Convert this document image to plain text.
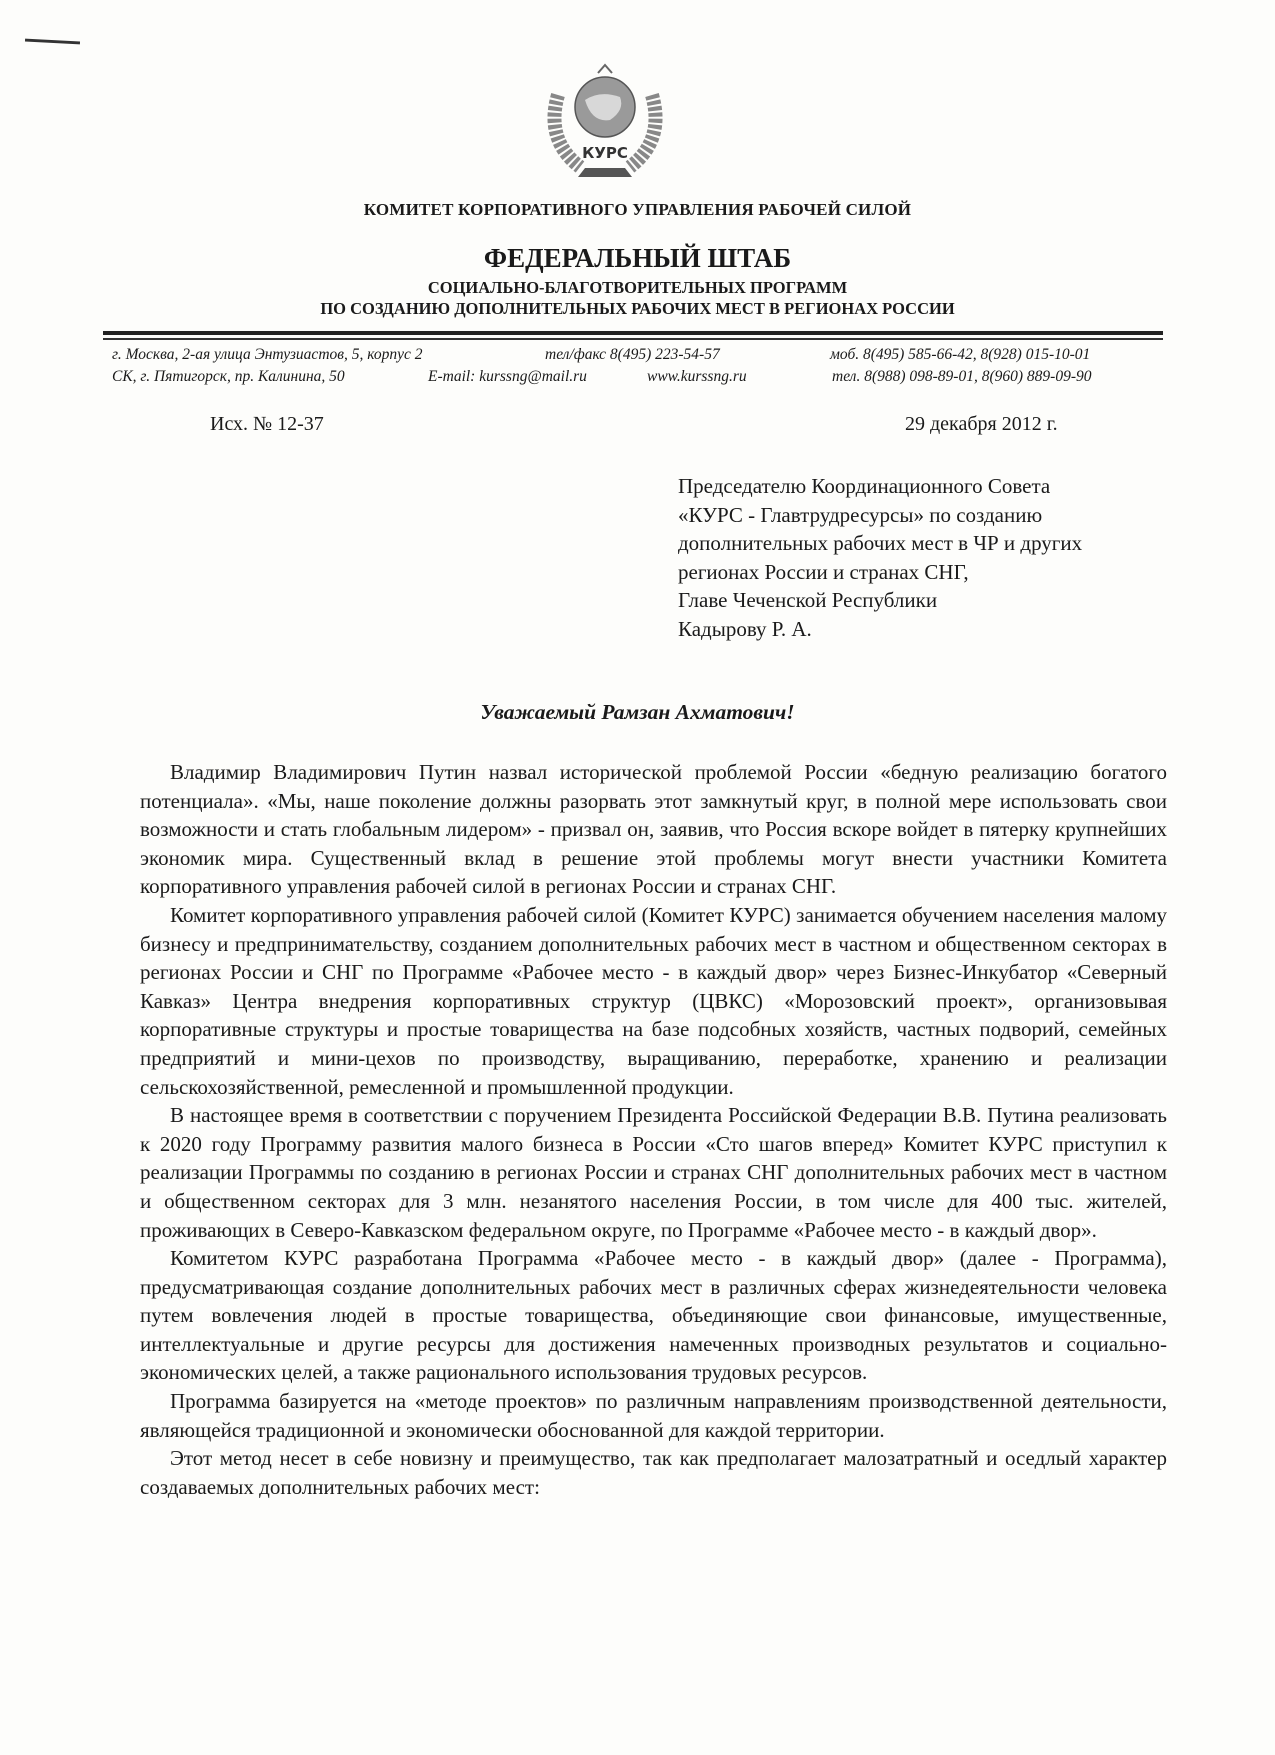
КУРС
КОМИТЕТ КОРПОРАТИВНОГО УПРАВЛЕНИЯ РАБОЧЕЙ СИЛОЙ
ФЕДЕРАЛЬНЫЙ ШТАБ
СОЦИАЛЬНО-БЛАГОТВОРИТЕЛЬНЫХ ПРОГРАММ
ПО СОЗДАНИЮ ДОПОЛНИТЕЛЬНЫХ РАБОЧИХ МЕСТ В РЕГИОНАХ РОССИИ
г. Москва, 2-ая улица Энтузиастов, 5, корпус 2	тел/факс 8(495) 223-54-57	моб. 8(495) 585-66-42, 8(928) 015-10-01
СК, г. Пятигорск, пр. Калинина, 50	E-mail: kurssng@mail.ru	www.kurssng.ru	тел. 8(988) 098-89-01, 8(960) 889-09-90
Исх. № 12-37	29 декабря 2012 г.
Председателю Координационного Совета
«КУРС - Главтрудресурсы» по созданию
дополнительных рабочих мест в ЧР и других
регионах России и странах СНГ,
Главе Чеченской Республики
Кадырову Р. А.
Уважаемый Рамзан Ахматович!

Владимир Владимирович Путин назвал исторической проблемой России «бедную реализацию богатого потенциала». «Мы, наше поколение должны разорвать этот замкнутый круг, в полной мере использовать свои возможности и стать глобальным лидером» - призвал он, заявив, что Россия вскоре войдет в пятерку крупнейших экономик мира. Существенный вклад в решение этой проблемы могут внести участники Комитета корпоративного управления рабочей силой в регионах России и странах СНГ.

Комитет корпоративного управления рабочей силой (Комитет КУРС) занимается обучением населения малому бизнесу и предпринимательству, созданием дополнительных рабочих мест в частном и общественном секторах в регионах России и СНГ по Программе «Рабочее место - в каждый двор» через Бизнес-Инкубатор «Северный Кавказ» Центра внедрения корпоративных структур (ЦВКС) «Морозовский проект», организовывая корпоративные структуры и простые товарищества на базе подсобных хозяйств, частных подворий, семейных предприятий и мини-цехов по производству, выращиванию, переработке, хранению и реализации сельскохозяйственной, ремесленной и промышленной продукции.

В настоящее время в соответствии с поручением Президента Российской Федерации В.В. Путина реализовать к 2020 году Программу развития малого бизнеса в России «Сто шагов вперед» Комитет КУРС приступил к реализации Программы по созданию в регионах России и странах СНГ дополнительных рабочих мест в частном и общественном секторах для 3 млн. незанятого населения России, в том числе для 400 тыс. жителей, проживающих в Северо-Кавказском федеральном округе, по Программе «Рабочее место - в каждый двор».

Комитетом КУРС разработана Программа «Рабочее место - в каждый двор» (далее - Программа), предусматривающая создание дополнительных рабочих мест в различных сферах жизнедеятельности человека путем вовлечения людей в простые товарищества, объединяющие свои финансовые, имущественные, интеллектуальные и другие ресурсы для достижения намеченных производных результатов и социально-экономических целей, а также рационального использования трудовых ресурсов.

Программа базируется на «методе проектов» по различным направлениям производственной деятельности, являющейся традиционной и экономически обоснованной для каждой территории.

Этот метод несет в себе новизну и преимущество, так как предполагает малозатратный и оседлый характер создаваемых дополнительных рабочих мест:
